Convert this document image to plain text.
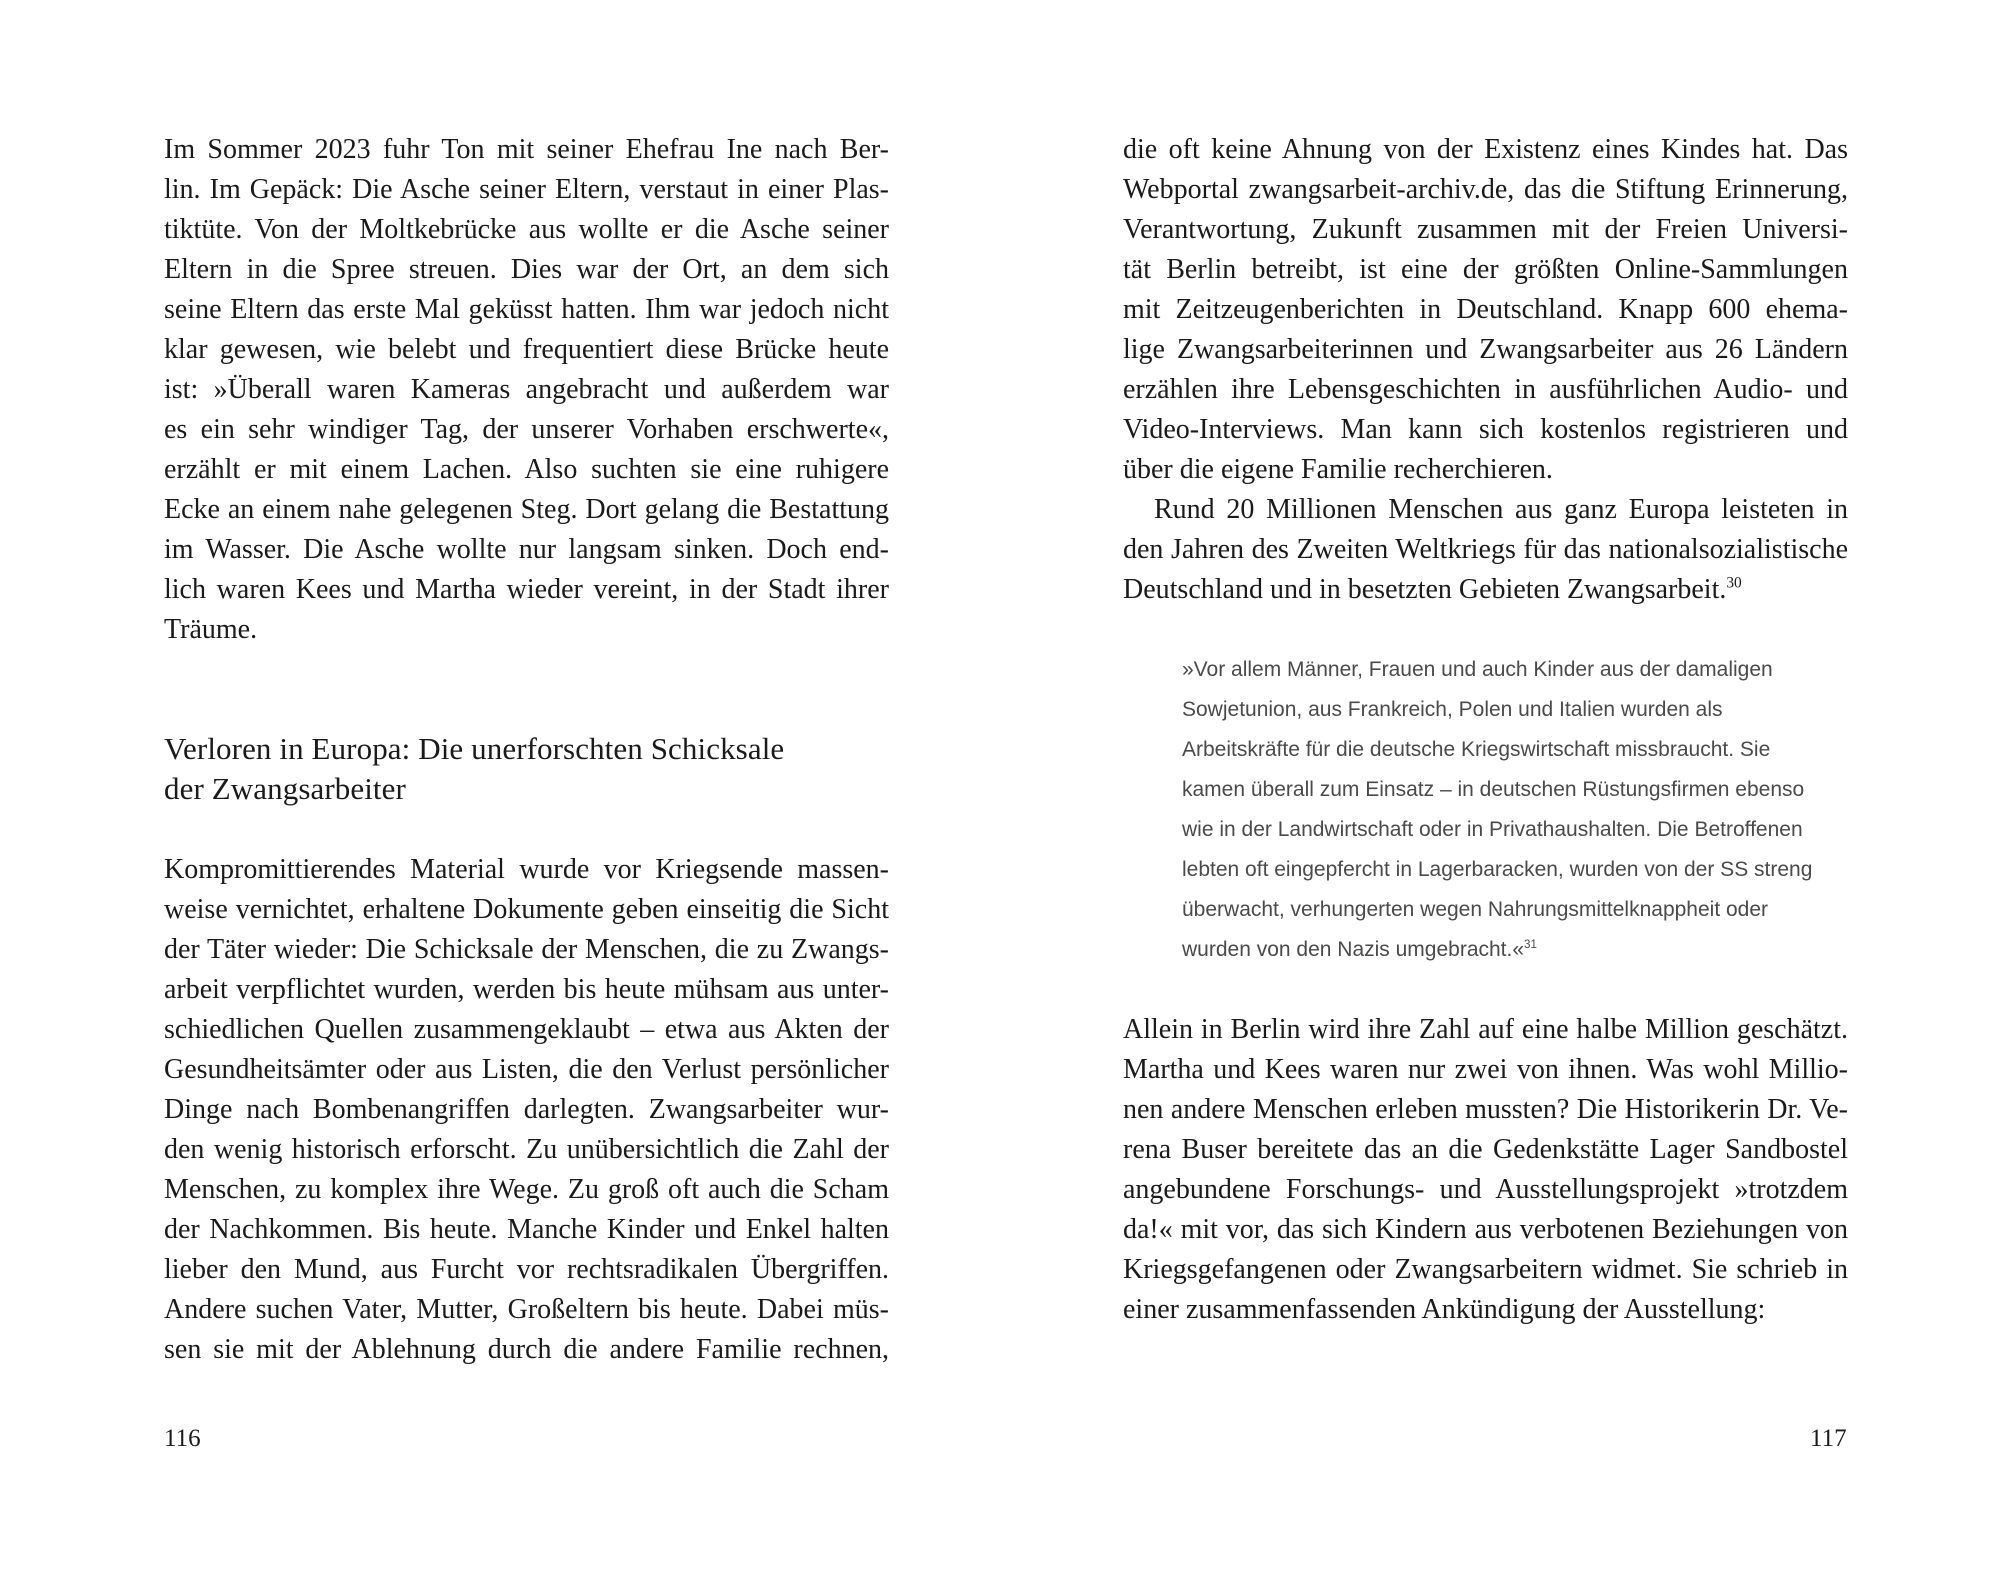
Im Sommer 2023 fuhr Ton mit seiner Ehefrau Ine nach Ber-
lin. Im Gepäck: Die Asche seiner Eltern, verstaut in einer Plas-
tiktüte. Von der Moltkebrücke aus wollte er die Asche seiner
Eltern in die Spree streuen. Dies war der Ort, an dem sich
seine Eltern das erste Mal geküsst hatten. Ihm war jedoch nicht
klar gewesen, wie belebt und frequentiert diese Brücke heute
ist: »Überall waren Kameras angebracht und außerdem war
es ein sehr windiger Tag, der unserer Vorhaben erschwerte«,
erzählt er mit einem Lachen. Also suchten sie eine ruhigere
Ecke an einem nahe gelegenen Steg. Dort gelang die Bestattung
im Wasser. Die Asche wollte nur langsam sinken. Doch end-
lich waren Kees und Martha wieder vereint, in der Stadt ihrer
Träume.
Verloren in Europa: Die unerforschten Schicksale
der Zwangsarbeiter
Kompromittierendes Material wurde vor Kriegsende massen-
weise vernichtet, erhaltene Dokumente geben einseitig die Sicht
der Täter wieder: Die Schicksale der Menschen, die zu Zwangs-
arbeit verpflichtet wurden, werden bis heute mühsam aus unter-
schiedlichen Quellen zusammengeklaubt – etwa aus Akten der
Gesundheitsämter oder aus Listen, die den Verlust persönlicher
Dinge nach Bombenangriffen darlegten. Zwangsarbeiter wur-
den wenig historisch erforscht. Zu unübersichtlich die Zahl der
Menschen, zu komplex ihre Wege. Zu groß oft auch die Scham
der Nachkommen. Bis heute. Manche Kinder und Enkel halten
lieber den Mund, aus Furcht vor rechtsradikalen Übergriffen.
Andere suchen Vater, Mutter, Großeltern bis heute. Dabei müs-
sen sie mit der Ablehnung durch die andere Familie rechnen,
116
die oft keine Ahnung von der Existenz eines Kindes hat. Das
Webportal zwangsarbeit-archiv.de, das die Stiftung Erinnerung,
Verantwortung, Zukunft zusammen mit der Freien Universi-
tät Berlin betreibt, ist eine der größten Online-Sammlungen
mit Zeitzeugenberichten in Deutschland. Knapp 600 ehema-
lige Zwangsarbeiterinnen und Zwangsarbeiter aus 26 Ländern
erzählen ihre Lebensgeschichten in ausführlichen Audio- und
Video-Interviews. Man kann sich kostenlos registrieren und
über die eigene Familie recherchieren.
Rund 20 Millionen Menschen aus ganz Europa leisteten in
den Jahren des Zweiten Weltkriegs für das nationalsozialistische
Deutschland und in besetzten Gebieten Zwangsarbeit.$^{30}$
»Vor allem Männer, Frauen und auch Kinder aus der damaligen
Sowjetunion, aus Frankreich, Polen und Italien wurden als
Arbeitskräfte für die deutsche Kriegswirtschaft missbraucht. Sie
kamen überall zum Einsatz – in deutschen Rüstungsfirmen ebenso
wie in der Landwirtschaft oder in Privathaushalten. Die Betroffenen
lebten oft eingepfercht in Lagerbaracken, wurden von der SS streng
überwacht, verhungerten wegen Nahrungsmittelknappheit oder
wurden von den Nazis umgebracht.«$^{31}$
Allein in Berlin wird ihre Zahl auf eine halbe Million geschätzt.
Martha und Kees waren nur zwei von ihnen. Was wohl Millio-
nen andere Menschen erleben mussten? Die Historikerin Dr. Ve-
rena Buser bereitete das an die Gedenkstätte Lager Sandbostel
angebundene Forschungs- und Ausstellungsprojekt »trotzdem
da!« mit vor, das sich Kindern aus verbotenen Beziehungen von
Kriegsgefangenen oder Zwangsarbeitern widmet. Sie schrieb in
einer zusammenfassenden Ankündigung der Ausstellung:
117
